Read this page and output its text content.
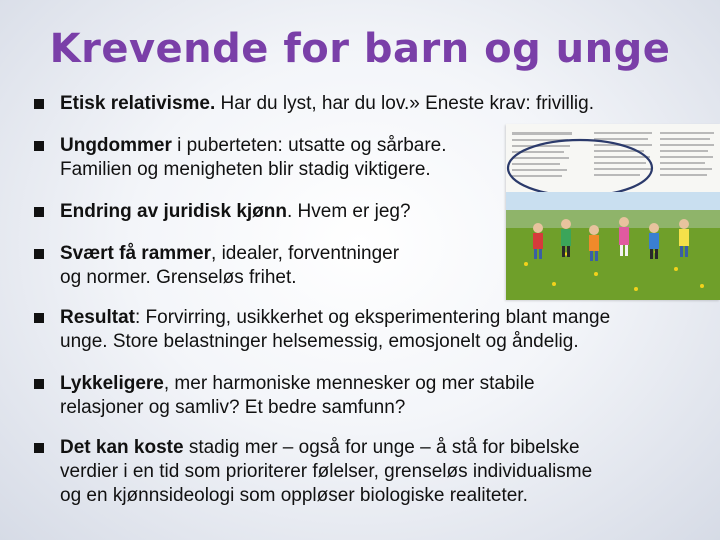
Krevende for barn og unge
Etisk relativisme. Har du lyst, har du lov.» Eneste krav: frivillig.
Ungdommer i puberteten: utsatte og sårbare.
Familien og menigheten blir stadig viktigere.
Endring av juridisk kjønn. Hvem er jeg?
Svært få rammer, idealer, forventninger
og normer. Grenseløs frihet.
Resultat: Forvirring, usikkerhet og eksperimentering blant mange
unge. Store belastninger helsemessig, emosjonelt og åndelig.
Lykkeligere, mer harmoniske mennesker og mer stabile
relasjoner og samliv? Et bedre samfunn?
Det kan koste stadig mer – også for unge – å stå for bibelske
verdier i en tid som prioriterer følelser, grenseløs individualisme
og en kjønnsideologi som oppløser biologiske realiteter.
